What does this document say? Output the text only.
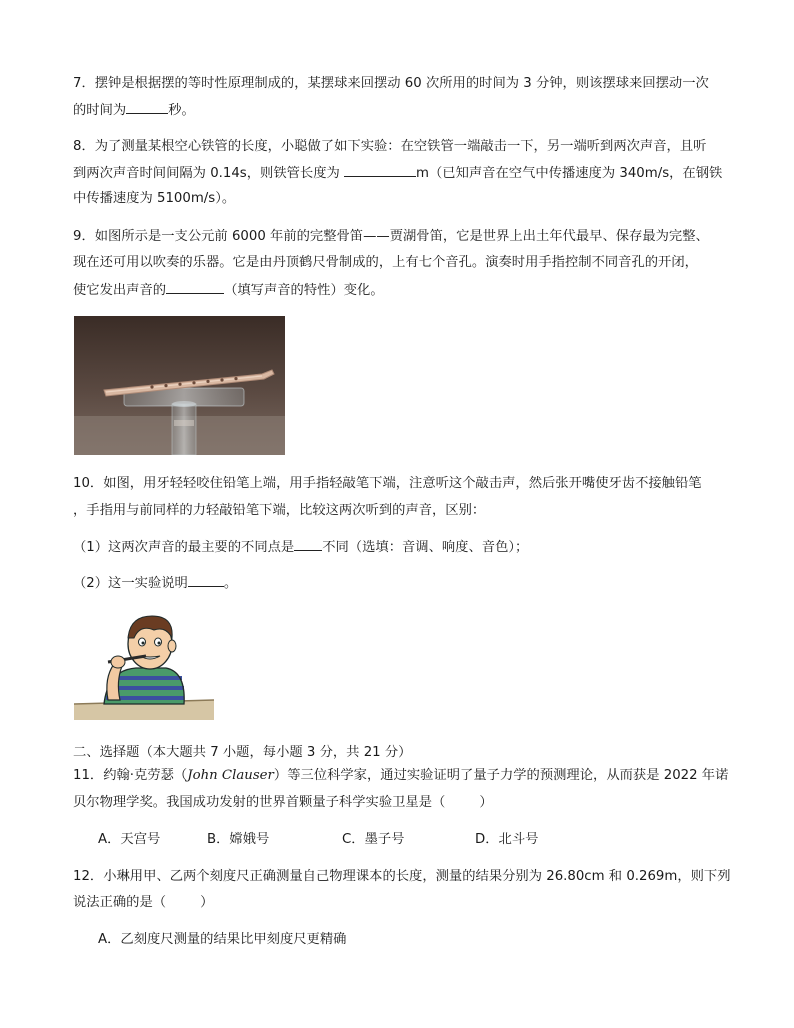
7．摆钟是根据摆的等时性原理制成的，某摆球来回摆动 60 次所用的时间为 3 分钟，则该摆球来回摆动一次
的时间为	秒。
8．为了测量某根空心铁管的长度，小聪做了如下实验：在空铁管一端敲击一下，另一端听到两次声音，且听
到两次声音时间间隔为 0.14s，则铁管长度为	m（已知声音在空气中传播速度为 340m/s，在钢铁
中传播速度为 5100m/s）。
9．如图所示是一支公元前 6000 年前的完整骨笛——贾湖骨笛，它是世界上出土年代最早、保存最为完整、
现在还可用以吹奏的乐器。它是由丹顶鹤尺骨制成的，上有七个音孔。演奏时用手指控制不同音孔的开闭，
使它发出声音的	（填写声音的特性）变化。
10．如图，用牙轻轻咬住铅笔上端，用手指轻敲笔下端，注意听这个敲击声，然后张开嘴使牙齿不接触铅笔
，手指用与前同样的力轻敲铅笔下端，比较这两次听到的声音，区别：
（1）这两次声音的最主要的不同点是 不同（选填：音调、响度、音色）；
（2）这一实验说明	。
二、选择题（本大题共 7 小题，每小题 3 分，共 21 分）
11．约翰·克劳瑟（John Clauser）等三位科学家，通过实验证明了量子力学的预测理论，从而获是 2022 年诺
贝尔物理学奖。我国成功发射的世界首颗量子科学实验卫星是（	）
A．天宫号	B．嫦娥号	C．墨子号	D．北斗号
12．小琳用甲、乙两个刻度尺正确测量自己物理课本的长度，测量的结果分别为 26.80cm 和 0.269m，则下列
说法正确的是（	）
A．乙刻度尺测量的结果比甲刻度尺更精确
